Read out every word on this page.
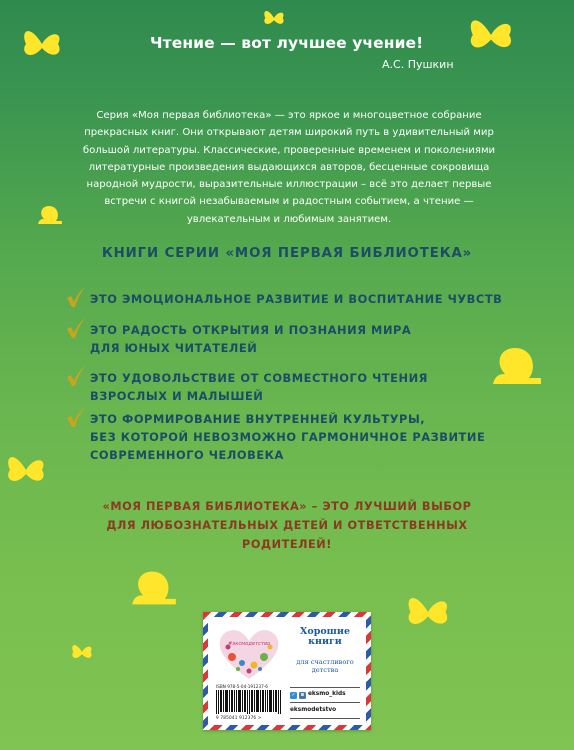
Чтение — вот лучшее учение!
А.С. Пушкин
Серия «Моя первая библиотека» — это яркое и многоцветное собрание
прекрасных книг. Они открывают детям широкий путь в удивительный мир
большой литературы. Классические, проверенные временем и поколениями
литературные произведения выдающихся авторов, бесценные сокровища
народной мудрости, выразительные иллюстрации – всё это делает первые
встречи с книгой незабываемым и радостным событием, а чтение —
увлекательным и любимым занятием.
КНИГИ СЕРИИ «МОЯ ПЕРВАЯ БИБЛИОТЕКА»
ЭТО ЭМОЦИОНАЛЬНОЕ РАЗВИТИЕ И ВОСПИТАНИЕ ЧУВСТВ
ЭТО РАДОСТЬ ОТКРЫТИЯ И ПОЗНАНИЯ МИРА
ДЛЯ ЮНЫХ ЧИТАТЕЛЕЙ
ЭТО УДОВОЛЬСТВИЕ ОТ СОВМЕСТНОГО ЧТЕНИЯ
ВЗРОСЛЫХ И МАЛЫШЕЙ
ЭТО ФОРМИРОВАНИЕ ВНУТРЕННЕЙ КУЛЬТУРЫ,
БЕЗ КОТОРОЙ НЕВОЗМОЖНО ГАРМОНИЧНОЕ РАЗВИТИЕ
СОВРЕМЕННОГО ЧЕЛОВЕКА
«МОЯ ПЕРВАЯ БИБЛИОТЕКА» – ЭТО ЛУЧШИЙ ВЫБОР
ДЛЯ ЛЮБОЗНАТЕЛЬНЫХ ДЕТЕЙ И ОТВЕТСТВЕННЫХ
РОДИТЕЛЕЙ!
#эксмодетство
Хорошие
книги
для счастливого
детства
ISBN 978-5-04-191237-6
9 785041 912376 >
✓ в eksmo_kids
eksmodetstvo
